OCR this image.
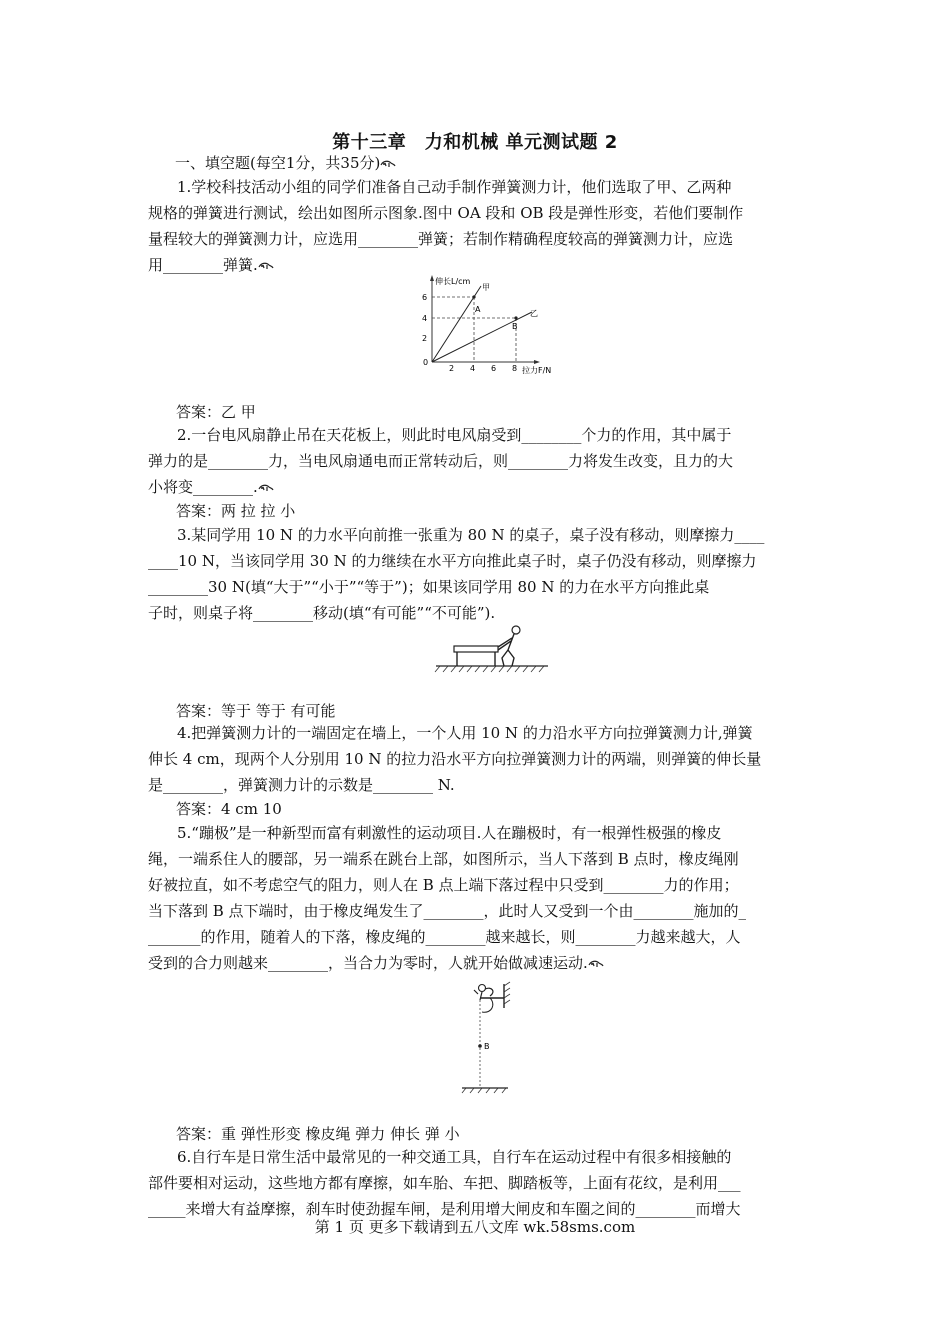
第十三章　力和机械 单元测试题 2
一、填空题(每空1分，共35分)

1.学校科技活动小组的同学们准备自己动手制作弹簧测力计，他们选取了甲、乙两种

规格的弹簧进行测试，绘出如图所示图象.图中 OA 段和 OB 段是弹性形变，若他们要制作
量程较大的弹簧测力计，应选用________弹簧；若制作精确程度较高的弹簧测力计，应选
用________弹簧.
伸长L/cm
拉力F/N
0
6
4
2
2 4 6 8
A
B
甲
乙
答案：乙 甲

2.一台电风扇静止吊在天花板上，则此时电风扇受到________个力的作用，其中属于

弹力的是________力，当电风扇通电而正常转动后，则________力将发生改变，且力的大
小将变________.
答案：两 拉 拉 小

3.某同学用 10 N 的力水平向前推一张重为 80 N 的桌子，桌子没有移动，则摩擦力____

____10 N，当该同学用 30 N 的力继续在水平方向推此桌子时，桌子仍没有移动，则摩擦力
________30 N(填“大于”“小于”“等于”)；如果该同学用 80 N 的力在水平方向推此桌
子时，则桌子将________移动(填“有可能”“不可能”).
答案：等于 等于 有可能

4.把弹簧测力计的一端固定在墙上，一个人用 10 N 的力沿水平方向拉弹簧测力计,弹簧

伸长 4 cm，现两个人分别用 10 N 的拉力沿水平方向拉弹簧测力计的两端，则弹簧的伸长量
是________，弹簧测力计的示数是________ N.
答案：4 cm 10

5.“蹦极”是一种新型而富有刺激性的运动项目.人在蹦极时，有一根弹性极强的橡皮

绳，一端系住人的腰部，另一端系在跳台上部，如图所示，当人下落到 B 点时，橡皮绳刚
好被拉直，如不考虑空气的阻力，则人在 B 点上端下落过程中只受到________力的作用；
当下落到 B 点下端时，由于橡皮绳发生了________，此时人又受到一个由________施加的_
_______的作用，随着人的下落，橡皮绳的________越来越长，则________力越来越大，人
受到的合力则越来________，当合力为零时，人就开始做减速运动.
B
答案：重 弹性形变 橡皮绳 弹力 伸长 弹 小

6.自行车是日常生活中最常见的一种交通工具，自行车在运动过程中有很多相接触的

部件要相对运动，这些地方都有摩擦，如车胎、车把、脚踏板等，上面有花纹，是利用___
_____来增大有益摩擦，刹车时使劲握车闸，是利用增大闸皮和车圈之间的________而增大
第 1 页 更多下载请到五八文库 wk.58sms.com
